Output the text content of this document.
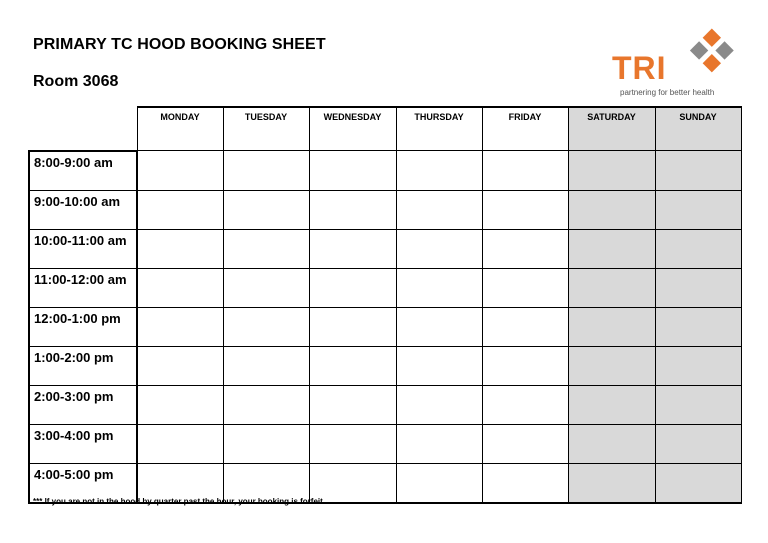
PRIMARY TC HOOD BOOKING SHEET
Room 3068	TRI
partnering for better health
	MONDAY	TUESDAY	WEDNESDAY	THURSDAY	FRIDAY	SATURDAY	SUNDAY
8:00-9:00 am							
9:00-10:00 am							
10:00-11:00 am							
11:00-12:00 am							
12:00-1:00 pm							
1:00-2:00 pm							
2:00-3:00 pm							
3:00-4:00 pm							
4:00-5:00 pm							
*** If you are not in the hood by quarter past the hour, your booking is forfeit.
